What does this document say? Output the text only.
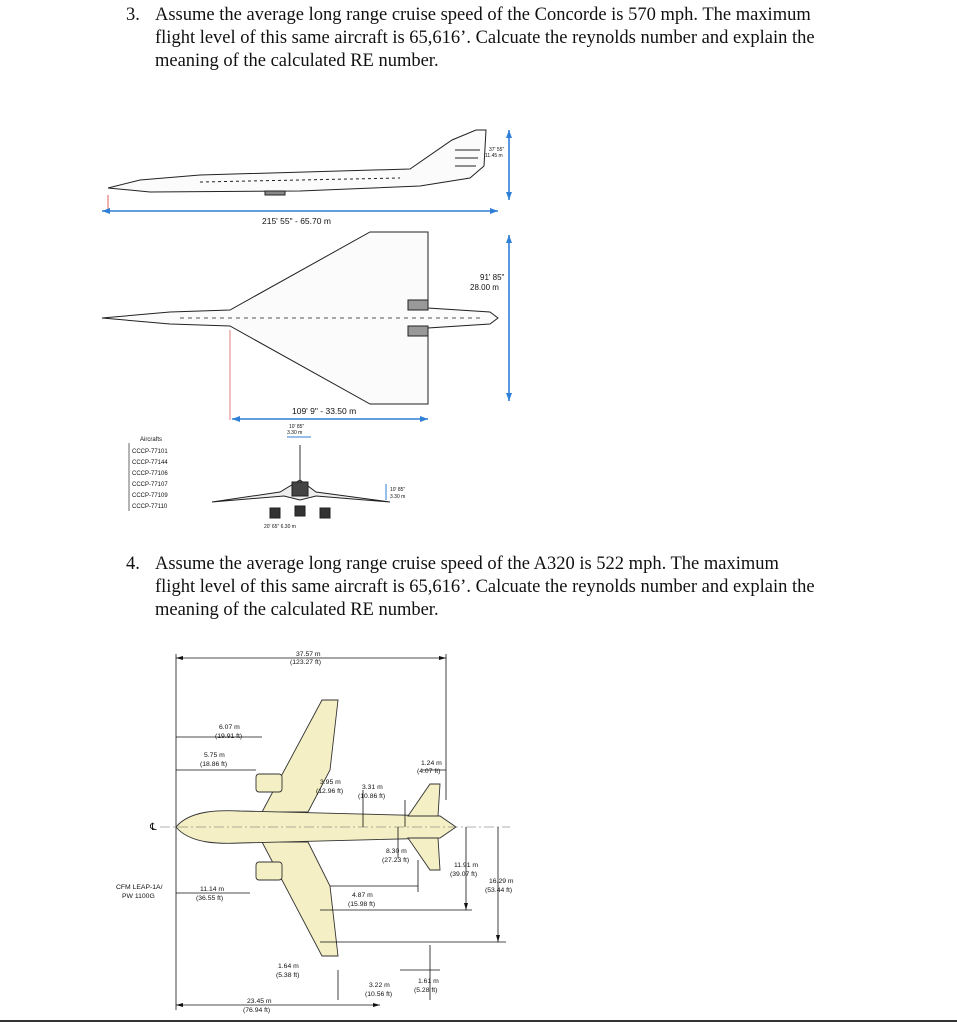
3. Assume the average long range cruise speed of the Concorde is 570 mph. The maximum
flight level of this same aircraft is 65,616’. Calcuate the reynolds number and explain the
meaning of the calculated RE number.
215' 55" - 65.70 m
37' 55"
11.45 m
91' 85"
28.00 m
109' 9" - 33.50 m
10' 85"
3.30 m
10' 85"
3.30 m
20' 65" 6.30 m
Aircrafts
CCCP-77101
CCCP-77144
CCCP-77106
CCCP-77107
CCCP-77109
CCCP-77110
4. Assume the average long range cruise speed of the A320 is 522 mph. The maximum
flight level of this same aircraft is 65,616’. Calcuate the reynolds number and explain the
meaning of the calculated RE number.
℄
37.57 m
(123.27 ft)
6.07 m
(19.91 ft)
5.75 m
(18.86 ft)	1.24 m
(4.07 ft)
3.95 m
(12.96 ft)
3.31 m
(10.86 ft)
8.30 m
(27.23 ft)
11.91 m
(39.07 ft)
16.29 m
(53.44 ft)
11.14 m
(36.55 ft)	4.87 m
(15.98 ft)
1.64 m
(5.38 ft)
3.22 m
(10.56 ft)
1.61 m
(5.28 ft)
23.45 m
(76.94 ft)
CFM LEAP-1A/
PW 1100G
